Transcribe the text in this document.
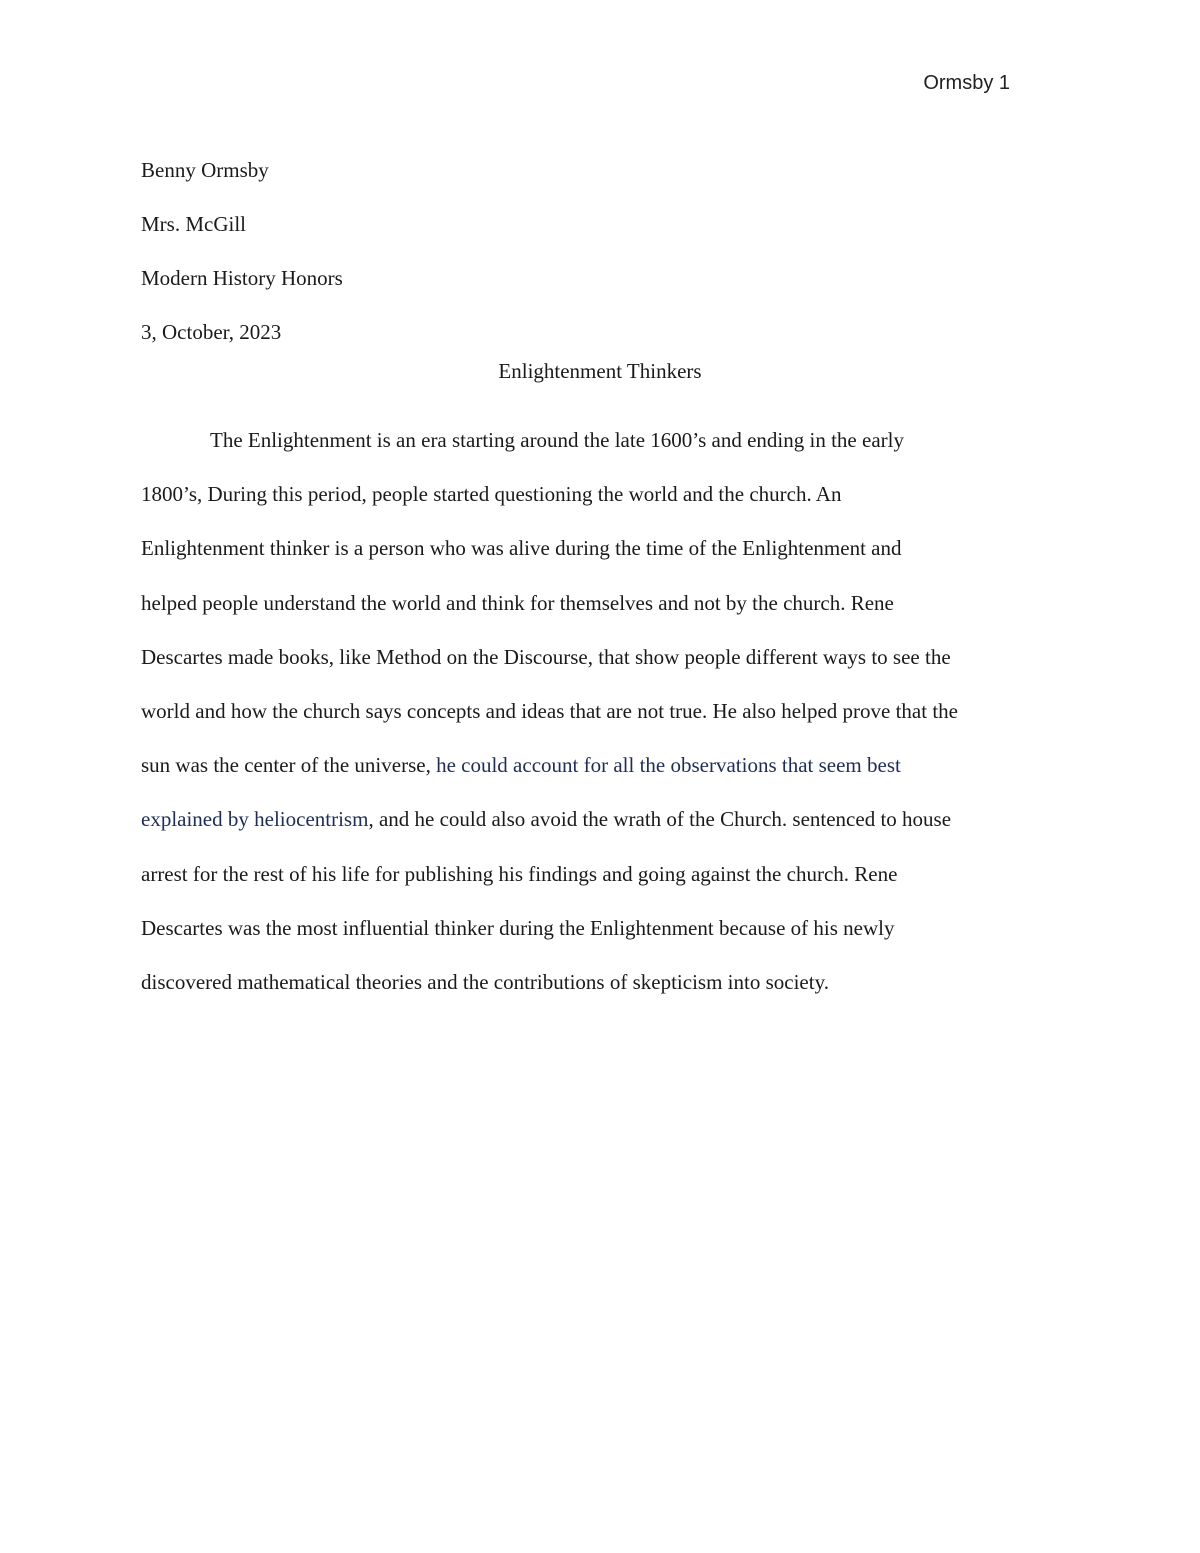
Ormsby 1
Benny Ormsby
Mrs. McGill
Modern History Honors
3, October, 2023
Enlightenment Thinkers
The Enlightenment is an era starting around the late 1600’s and ending in the early
1800’s, During this period, people started questioning the world and the church. An
Enlightenment thinker is a person who was alive during the time of the Enlightenment and
helped people understand the world and think for themselves and not by the church. Rene
Descartes made books, like Method on the Discourse, that show people different ways to see the
world and how the church says concepts and ideas that are not true. He also helped prove that the
sun was the center of the universe, he could account for all the observations that seem best
explained by heliocentrism, and he could also avoid the wrath of the Church. sentenced to house
arrest for the rest of his life for publishing his findings and going against the church. Rene
Descartes was the most influential thinker during the Enlightenment because of his newly
discovered mathematical theories and the contributions of skepticism into society.
